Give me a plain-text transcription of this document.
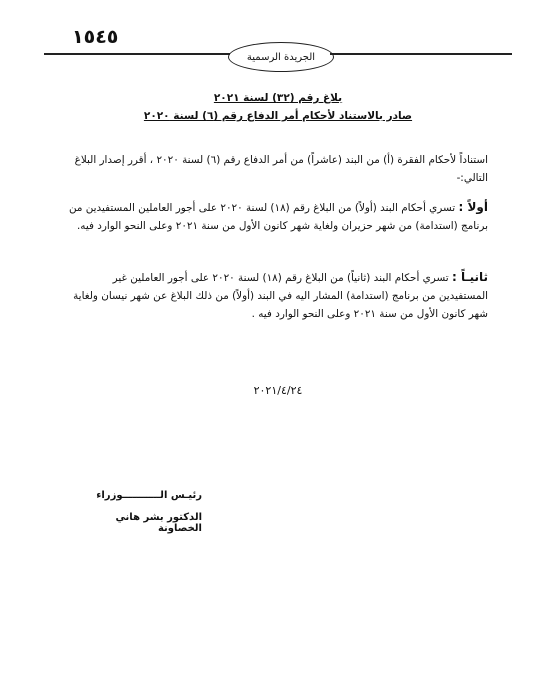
١٥٤٥
الجريدة الرسمية
بلاغ رقم (٣٢) لسنة ٢٠٢١
صادر بالاستناد لأحكام أمر الدفاع رقم (٦) لسنة ٢٠٢٠
استناداً لأحكام الفقرة (أ) من البند (عاشراً) من أمر الدفاع رقم (٦) لسنة ٢٠٢٠ ، أقرر إصدار البلاغ التالي:-
أولاً : تسري أحكام البند (أولاً) من البلاغ رقم (١٨) لسنة ٢٠٢٠ على أجور العاملين المستفيدين من برنامج (استدامة) من شهر حزيران ولغاية شهر كانون الأول من سنة ٢٠٢١ وعلى النحو الوارد فيه.
ثانيـاً : تسري أحكام البند (ثانياً) من البلاغ رقم (١٨) لسنة ٢٠٢٠ على أجور العاملين غير المستفيدين من برنامج (استدامة) المشار اليه في البند (أولاً) من ذلك البلاغ عن شهر نيسان ولغاية شهر كانون الأول من سنة ٢٠٢١ وعلى النحو الوارد فيه .
٢٠٢١/٤/٢٤
رئيـس الـــــــــــوزراء
الدكتور بشر هاني الخصاونة
